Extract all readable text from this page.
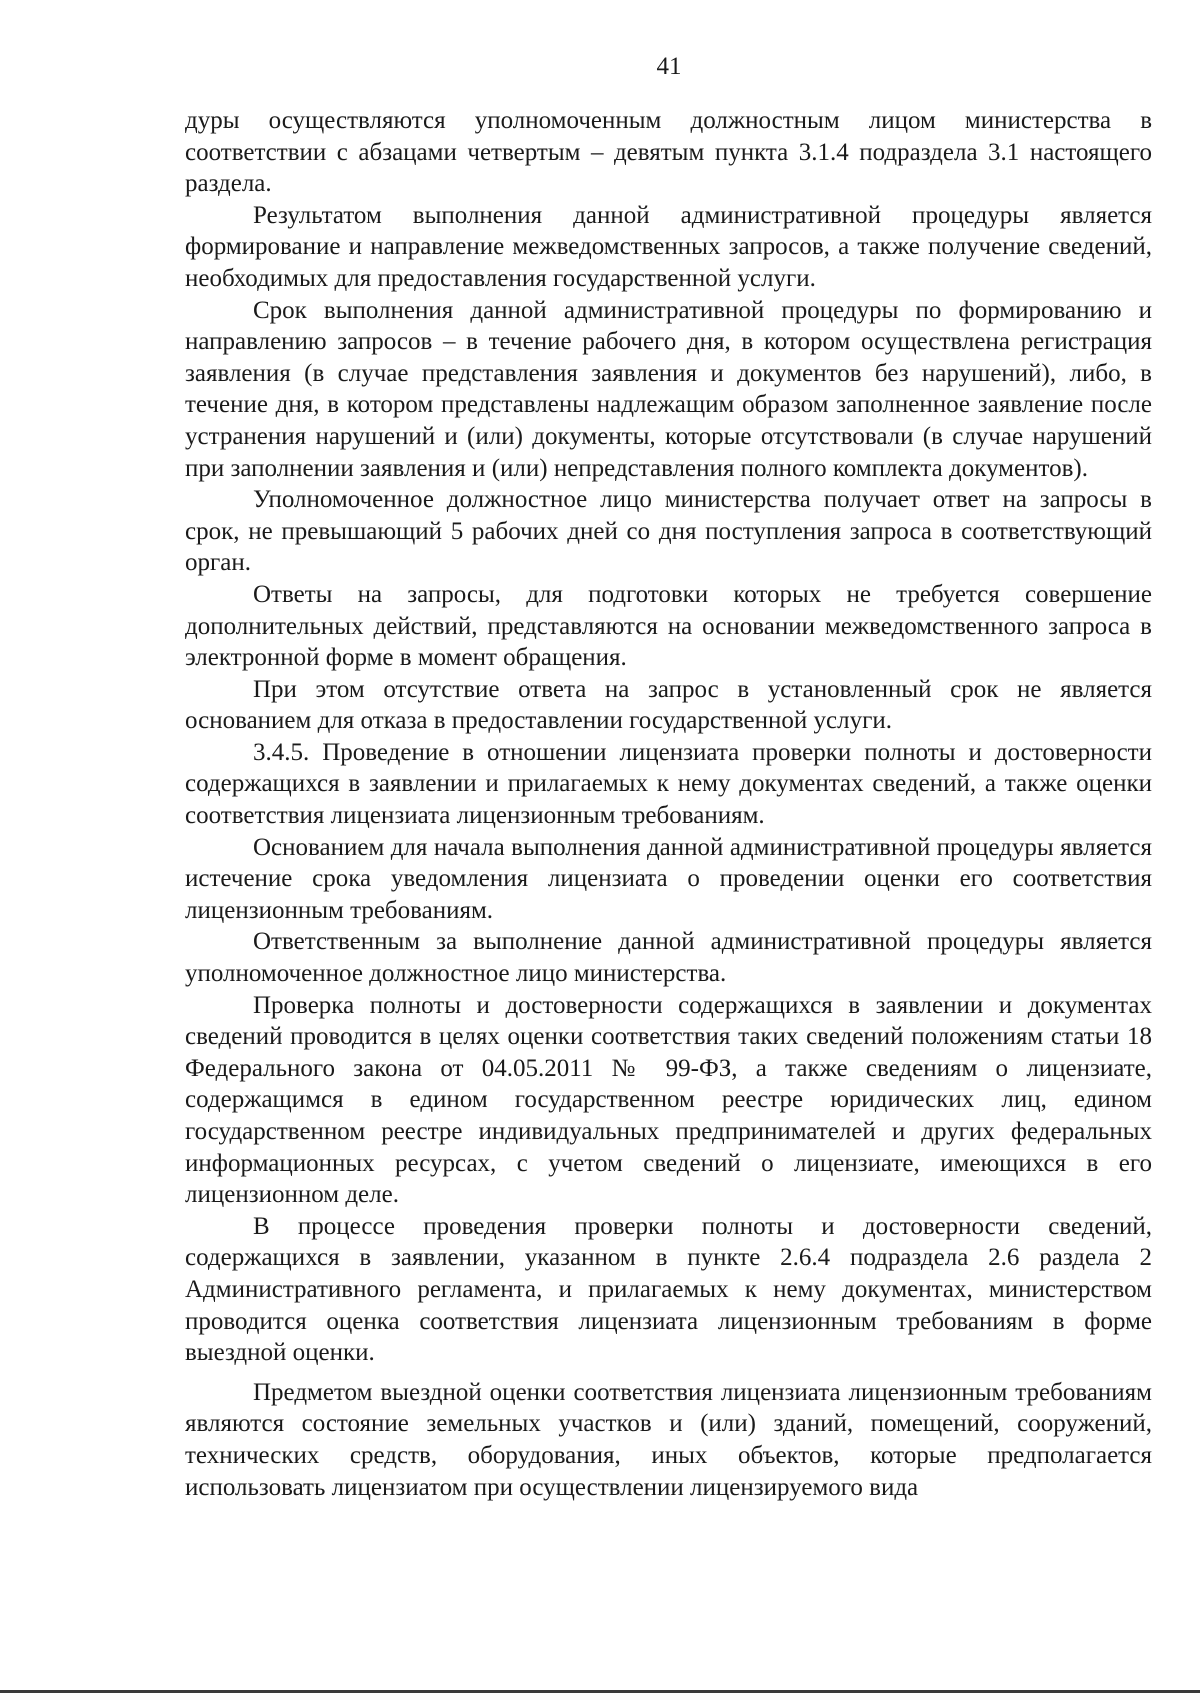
41

дуры осуществляются уполномоченным должностным лицом министерства в соответствии с абзацами четвертым – девятым пункта 3.1.4 подраздела 3.1 настоящего раздела.

Результатом выполнения данной административной процедуры является формирование и направление межведомственных запросов, а также получение сведений, необходимых для предоставления государственной услуги.

Срок выполнения данной административной процедуры по формированию и направлению запросов – в течение рабочего дня, в котором осуществлена регистрация заявления (в случае представления заявления и документов без нарушений), либо, в течение дня, в котором представлены надлежащим образом заполненное заявление после устранения нарушений и (или) документы, которые отсутствовали (в случае нарушений при заполнении заявления и (или) непредставления полного комплекта документов).

Уполномоченное должностное лицо министерства получает ответ на запросы в срок, не превышающий 5 рабочих дней со дня поступления запроса в соответствующий орган.

Ответы на запросы, для подготовки которых не требуется совершение дополнительных действий, представляются на основании межведомственного запроса в электронной форме в момент обращения.

При этом отсутствие ответа на запрос в установленный срок не является основанием для отказа в предоставлении государственной услуги.

3.4.5. Проведение в отношении лицензиата проверки полноты и достоверности содержащихся в заявлении и прилагаемых к нему документах сведений, а также оценки соответствия лицензиата лицензионным требованиям.

Основанием для начала выполнения данной административной процедуры является истечение срока уведомления лицензиата о проведении оценки его соответствия лицензионным требованиям.

Ответственным за выполнение данной административной процедуры является уполномоченное должностное лицо министерства.

Проверка полноты и достоверности содержащихся в заявлении и документах сведений проводится в целях оценки соответствия таких сведений положениям статьи 18 Федерального закона от 04.05.2011 № 99-ФЗ, а также сведениям о лицензиате, содержащимся в едином государственном реестре юридических лиц, едином государственном реестре индивидуальных предпринимателей и других федеральных информационных ресурсах, с учетом сведений о лицензиате, имеющихся в его лицензионном деле.

В процессе проведения проверки полноты и достоверности сведений, содержащихся в заявлении, указанном в пункте 2.6.4 подраздела 2.6 раздела 2 Административного регламента, и прилагаемых к нему документах, министерством проводится оценка соответствия лицензиата лицензионным требованиям в форме выездной оценки.

Предметом выездной оценки соответствия лицензиата лицензионным требованиям являются состояние земельных участков и (или) зданий, помещений, сооружений, технических средств, оборудования, иных объектов, которые предполагается использовать лицензиатом при осуществлении лицензируемого вида
